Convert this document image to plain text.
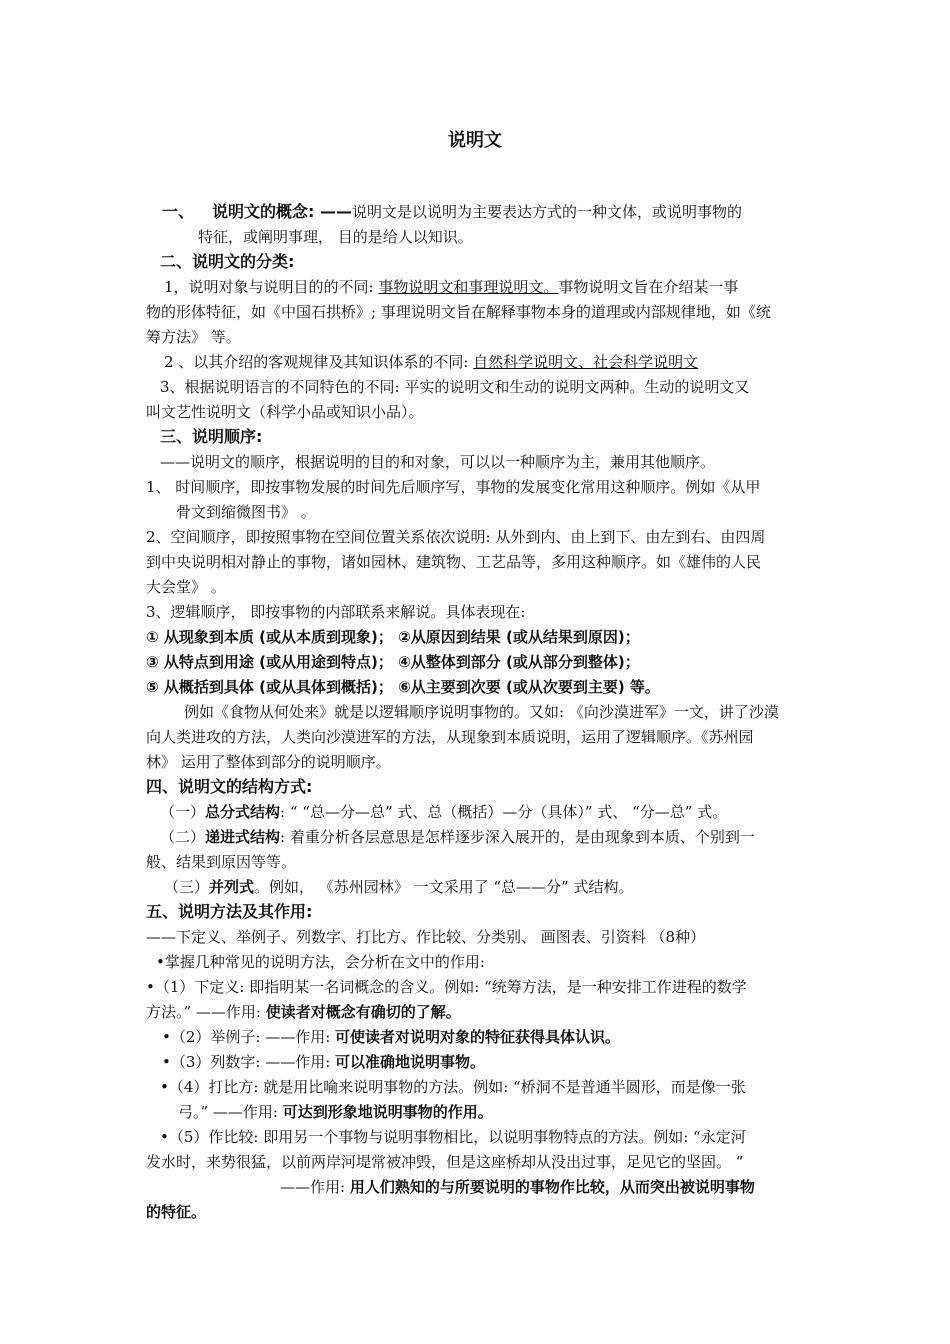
说明文
一、 说明文的概念: ——说明文是以说明为主要表达方式的一种文体，或说明事物的
特征，或阐明事理， 目的是给人以知识。
二、说明文的分类:
1，说明对象与说明目的的不同: 事物说明文和事理说明文。事物说明文旨在介绍某一事
物的形体特征，如《中国石拱桥》; 事理说明文旨在解释事物本身的道理或内部规律地，如《统
筹方法》 等。
2 、以其介绍的客观规律及其知识体系的不同: 自然科学说明文、社会科学说明文
3、根据说明语言的不同特色的不同: 平实的说明文和生动的说明文两种。生动的说明文又
叫文艺性说明文（科学小品或知识小品）。
三、说明顺序:
——说明文的顺序，根据说明的目的和对象，可以以一种顺序为主，兼用其他顺序。
1、 时间顺序，即按事物发展的时间先后顺序写，事物的发展变化常用这种顺序。例如《从甲
骨文到缩微图书》 。
2、空间顺序，即按照事物在空间位置关系依次说明: 从外到内、由上到下、由左到右、由四周
到中央说明相对静止的事物，诸如园林、建筑物、工艺品等，多用这种顺序。如《雄伟的人民
大会堂》 。
3、逻辑顺序， 即按事物的内部联系来解说。具体表现在:
① 从现象到本质 (或从本质到现象)； ②从原因到结果 (或从结果到原因)；
③ 从特点到用途 (或从用途到特点)； ④从整体到部分 (或从部分到整体)；
⑤ 从概括到具体 (或从具体到概括)； ⑥从主要到次要 (或从次要到主要) 等。
例如《食物从何处来》就是以逻辑顺序说明事物的。又如: 《向沙漠进军》一文，讲了沙漠
向人类进攻的方法，人类向沙漠进军的方法，从现象到本质说明，运用了逻辑顺序。《苏州园
林》 运用了整体到部分的说明顺序。
四、说明文的结构方式:
（一）总分式结构: “ “总—分—总” 式、总（概括）—分（具体）” 式、 “分—总” 式。
（二）递进式结构: 着重分析各层意思是怎样逐步深入展开的，是由现象到本质、个别到一
般、结果到原因等等。
（三）并列式。例如， 《苏州园林》 一文采用了 “总——分” 式结构。
五、说明方法及其作用:
——下定义、举例子、列数字、打比方、作比较、分类别、 画图表、引资料 （8种）
•掌握几种常见的说明方法，会分析在文中的作用:
•（1）下定义: 即指明某一名词概念的含义。例如: “统筹方法，是一种安排工作进程的数学
方法。” ——作用: 使读者对概念有确切的了解。
•（2）举例子: ——作用: 可使读者对说明对象的特征获得具体认识。
•（3）列数字: ——作用: 可以准确地说明事物。
•（4）打比方: 就是用比喻来说明事物的方法。例如: “桥洞不是普通半圆形，而是像一张
弓。” ——作用: 可达到形象地说明事物的作用。
•（5）作比较: 即用另一个事物与说明事物相比，以说明事物特点的方法。例如: “永定河
发水时，来势很猛，以前两岸河堤常被冲毁，但是这座桥却从没出过事，足见它的坚固。 ”
——作用: 用人们熟知的与所要说明的事物作比较，从而突出被说明事物
的特征。
